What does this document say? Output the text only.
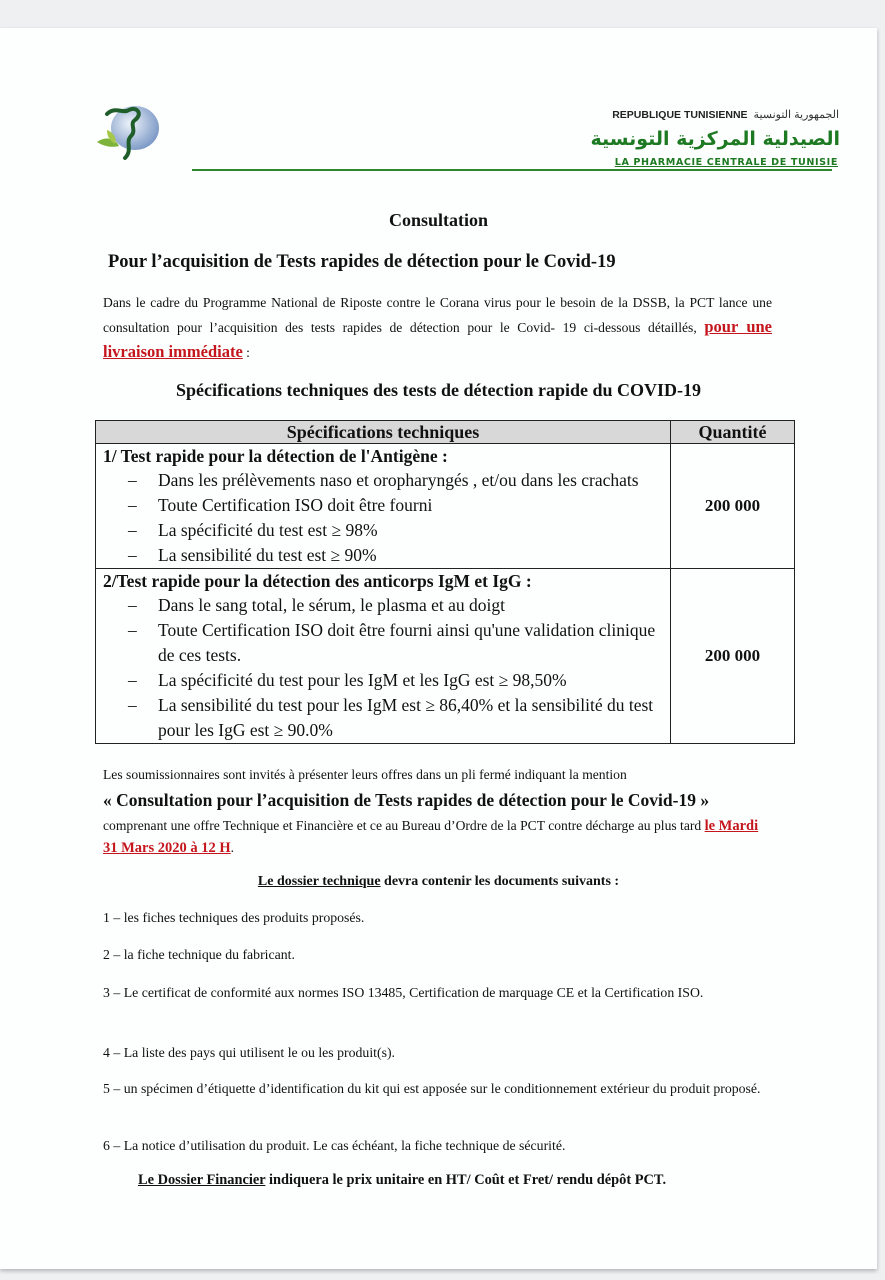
REPUBLIQUE TUNISIENNE الجمهورية التونسية
الصيدلية المركزية التونسية
LA PHARMACIE CENTRALE DE TUNISIE
Consultation
Pour l’acquisition de Tests rapides de détection pour le Covid-19
Dans le cadre du Programme National de Riposte contre le Corana virus pour le besoin de la DSSB, la PCT lance une consultation pour l’acquisition des tests rapides de détection pour le Covid- 19 ci-dessous détaillés, pour une livraison immédiate :
Spécifications techniques des tests de détection rapide du COVID-19
Spécifications techniques	Quantité

1/ Test rapide pour la détection de l'Antigène :
– Dans les prélèvements naso et oropharyngés , et/ou dans les crachats
– Toute Certification ISO doit être fourni
– La spécificité du test est ≥ 98%
– La sensibilité du test est ≥ 90%
	200 000

2/Test rapide pour la détection des anticorps IgM et IgG :
– Dans le sang total, le sérum, le plasma et au doigt
– Toute Certification ISO doit être fourni ainsi qu'une validation clinique de ces tests.
– La spécificité du test pour les IgM et les IgG est ≥ 98,50%
– La sensibilité du test pour les IgM est ≥ 86,40% et la sensibilité du test pour les IgG est ≥ 90.0%
	200 000
Les soumissionnaires sont invités à présenter leurs offres dans un pli fermé indiquant la mention
« Consultation pour l’acquisition de Tests rapides de détection pour le Covid-19 »
comprenant une offre Technique et Financière et ce au Bureau d’Ordre de la PCT contre décharge au plus tard le Mardi 31 Mars 2020 à 12 H.
Le dossier technique devra contenir les documents suivants :
1 – les fiches techniques des produits proposés.
2 – la fiche technique du fabricant.
3 – Le certificat de conformité aux normes ISO 13485, Certification de marquage CE et la Certification ISO.
4 – La liste des pays qui utilisent le ou les produit(s).
5 – un spécimen d’étiquette d’identification du kit qui est apposée sur le conditionnement extérieur du produit proposé.
6 – La notice d’utilisation du produit. Le cas échéant, la fiche technique de sécurité.
Le Dossier Financier indiquera le prix unitaire en HT/ Coût et Fret/ rendu dépôt PCT.
